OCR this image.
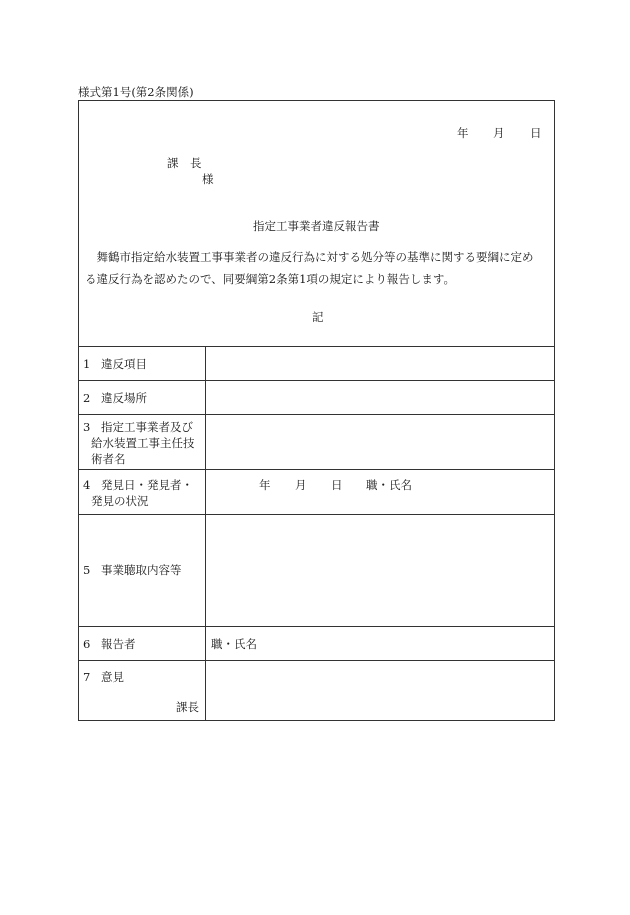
様式第1号(第2条関係)
年 月 日
課　長
様
指定工事業者違反報告書
　舞鶴市指定給水装置工事事業者の違反行為に対する処分等の基準に関する要綱に定め
る違反行為を認めたので、同要綱第2条第1項の規定により報告します。
記
1 違反項目
2 違反場所
3 指定工事業者及び
給水装置工事主任技
術者名
4 発見日・発見者・
発見の状況
年 月 日 職・氏名
5 事業聴取内容等
6 報告者	職・氏名
7 意見
課長
